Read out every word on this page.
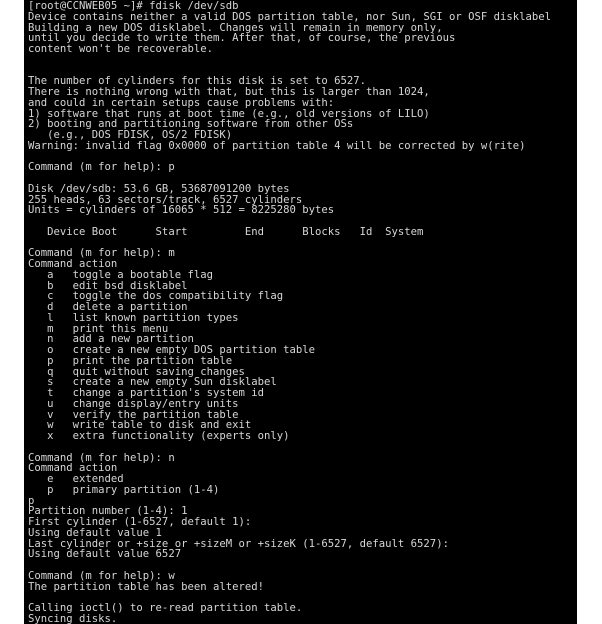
[root@CCNWEB05 ~]# fdisk /dev/sdb
Device contains neither a valid DOS partition table, nor Sun, SGI or OSF disklabel
Building a new DOS disklabel. Changes will remain in memory only,
until you decide to write them. After that, of course, the previous
content won't be recoverable.
The number of cylinders for this disk is set to 6527.
There is nothing wrong with that, but this is larger than 1024,
and could in certain setups cause problems with:
1) software that runs at boot time (e.g., old versions of LILO)
2) booting and partitioning software from other OSs
(e.g., DOS FDISK, OS/2 FDISK)
Warning: invalid flag 0x0000 of partition table 4 will be corrected by w(rite)
Command (m for help): p
Disk /dev/sdb: 53.6 GB, 53687091200 bytes
255 heads, 63 sectors/track, 6527 cylinders
Units = cylinders of 16065 * 512 = 8225280 bytes
Device Boot      Start         End      Blocks   Id  System
Command (m for help): m
Command action
a   toggle a bootable flag
b   edit bsd disklabel
c   toggle the dos compatibility flag
d   delete a partition
l   list known partition types
m   print this menu
n   add a new partition
o   create a new empty DOS partition table
p   print the partition table
q   quit without saving changes
s   create a new empty Sun disklabel
t   change a partition's system id
u   change display/entry units
v   verify the partition table
w   write table to disk and exit
x   extra functionality (experts only)
Command (m for help): n
Command action
e   extended
p   primary partition (1-4)
p
Partition number (1-4): 1
First cylinder (1-6527, default 1):
Using default value 1
Last cylinder or +size or +sizeM or +sizeK (1-6527, default 6527):
Using default value 6527
Command (m for help): w
The partition table has been altered!
Calling ioctl() to re-read partition table.
Syncing disks.
